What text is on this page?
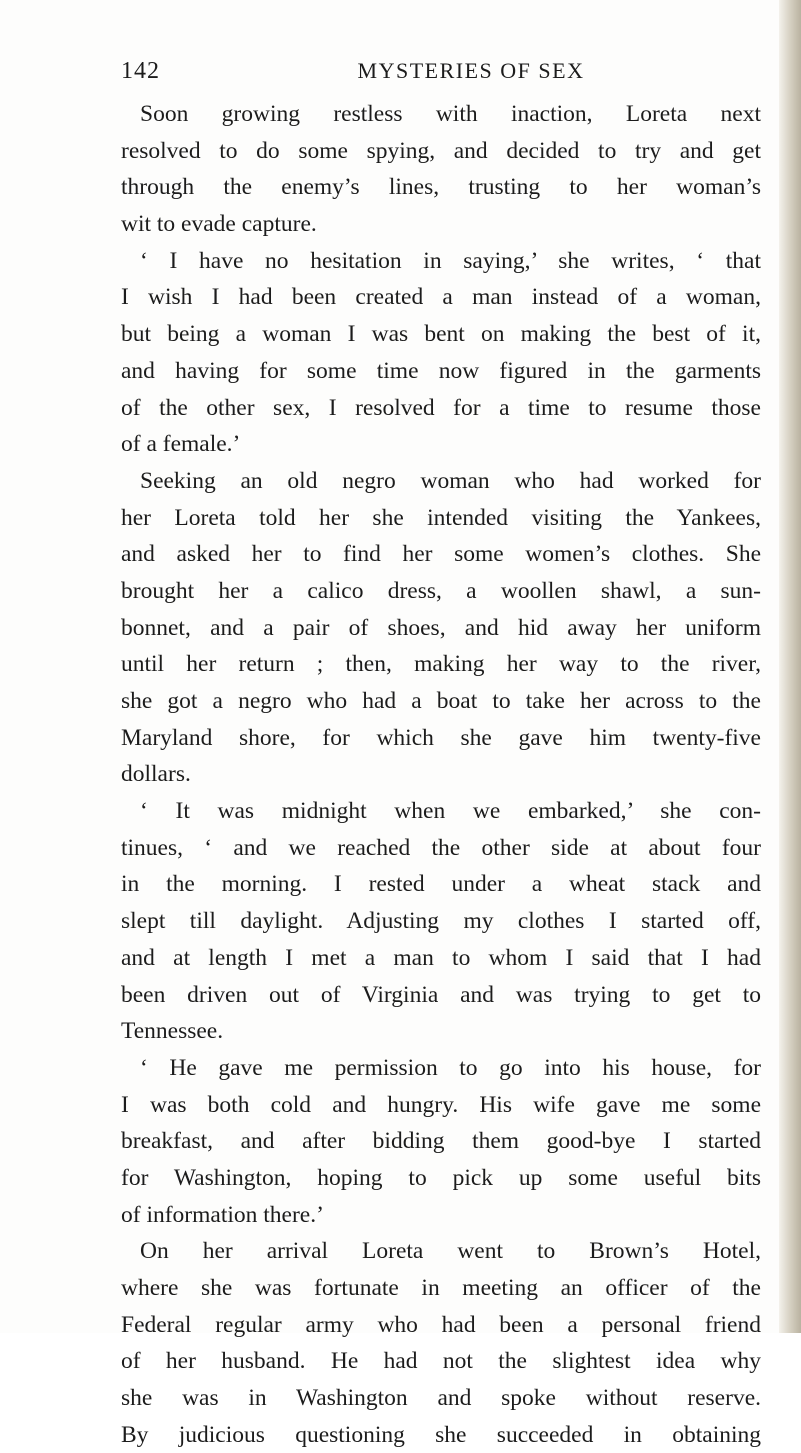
142	MYSTERIES OF SEX
Soon growing restless with inaction, Loreta next
resolved to do some spying, and decided to try and get
through the enemy’s lines, trusting to her woman’s
wit to evade capture.
‘ I have no hesitation in saying,’ she writes, ‘ that
I wish I had been created a man instead of a woman,
but being a woman I was bent on making the best of it,
and having for some time now figured in the garments
of the other sex, I resolved for a time to resume those
of a female.’
Seeking an old negro woman who had worked for
her Loreta told her she intended visiting the Yankees,
and asked her to find her some women’s clothes. She
brought her a calico dress, a woollen shawl, a sun-
bonnet, and a pair of shoes, and hid away her uniform
until her return ; then, making her way to the river,
she got a negro who had a boat to take her across to the
Maryland shore, for which she gave him twenty-five
dollars.
‘ It was midnight when we embarked,’ she con-
tinues, ‘ and we reached the other side at about four
in the morning. I rested under a wheat stack and
slept till daylight. Adjusting my clothes I started off,
and at length I met a man to whom I said that I had
been driven out of Virginia and was trying to get to
Tennessee.
‘ He gave me permission to go into his house, for
I was both cold and hungry. His wife gave me some
breakfast, and after bidding them good-bye I started
for Washington, hoping to pick up some useful bits
of information there.’
On her arrival Loreta went to Brown’s Hotel,
where she was fortunate in meeting an officer of the
Federal regular army who had been a personal friend
of her husband. He had not the slightest idea why
she was in Washington and spoke without reserve.
By judicious questioning she succeeded in obtaining
